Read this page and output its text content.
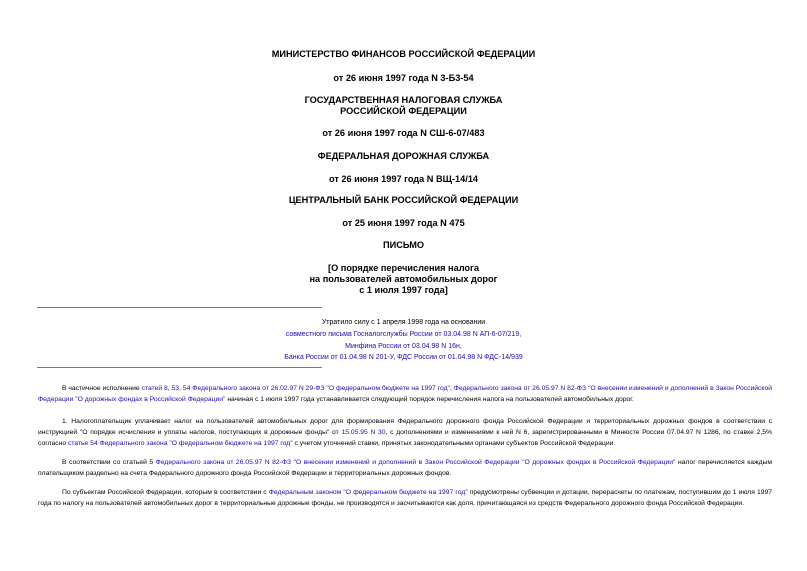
МИНИСТЕРСТВО ФИНАНСОВ РОССИЙСКОЙ ФЕДЕРАЦИИ
от 26 июня 1997 года N 3-Б3-54
ГОСУДАРСТВЕННАЯ НАЛОГОВАЯ СЛУЖБА
РОССИЙСКОЙ ФЕДЕРАЦИИ
от 26 июня 1997 года N СШ-6-07/483
ФЕДЕРАЛЬНАЯ ДОРОЖНАЯ СЛУЖБА
от 26 июня 1997 года N ВЩ-14/14
ЦЕНТРАЛЬНЫЙ БАНК РОССИЙСКОЙ ФЕДЕРАЦИИ
от 25 июня 1997 года N 475
ПИСЬМО
[О порядке перечисления налога
на пользователей автомобильных дорог
с 1 июля 1997 года]
Утратило силу с 1 апреля 1998 года на основании
совместного письма Госналогслужбы России от 03.04.98 N АП-6-07/219,
Минфина России от 03.04.98 N 16н,
Банка России от 01.04.98 N 201-У, ФДС России от 01.04.98 N ФДС-14/939
В частичное исполнение статей 8, 53, 54 Федерального закона от 26.02.97 N 29-ФЗ "О федеральном бюджете на 1997 год", Федерального закона от 26.05.97 N 82-ФЗ "О внесении изменений и дополнений в Закон Российской Федерации "О дорожных фондах в Российской Федерации" начиная с 1 июля 1997 года устанавливается следующий порядок перечисления налога на пользователей автомобильных дорог.
1. Налогоплательщик уплачивает налог на пользователей автомобильных дорог для формирования Федерального дорожного фонда Российской Федерации и территориальных дорожных фондов в соответствии с инструкцией "О порядке исчисления и уплаты налогов, поступающих в дорожные фонды" от 15.05.95 N 30, с дополнениями и изменениями к ней N 6, зарегистрированными в Минюсте России 07.04.97 N 1286, по ставке 2,5% согласно статье 54 Федерального закона "О федеральном бюджете на 1997 год" с учетом уточнений ставки, принятых законодательными органами субъектов Российской Федерации.
В соответствии со статьей 5 Федерального закона от 26.05.97 N 82-ФЗ "О внесении изменений и дополнений в Закон Российской Федерации "О дорожных фондах в Российской Федерации" налог перечисляется каждым плательщиком раздельно на счета Федерального дорожного фонда Российской Федерации и территориальных дорожных фондов.
По субъектам Российской Федерации, которым в соответствии с Федеральным законом "О федеральном бюджете на 1997 год" предусмотрены субвенции и дотации, перерасчеты по платежам, поступившим до 1 июля 1997 года по налогу на пользователей автомобильных дорог в территориальные дорожные фонды, не производятся и засчитываются как доля, причитающаяся из средств Федерального дорожного фонда Российской Федерации.
